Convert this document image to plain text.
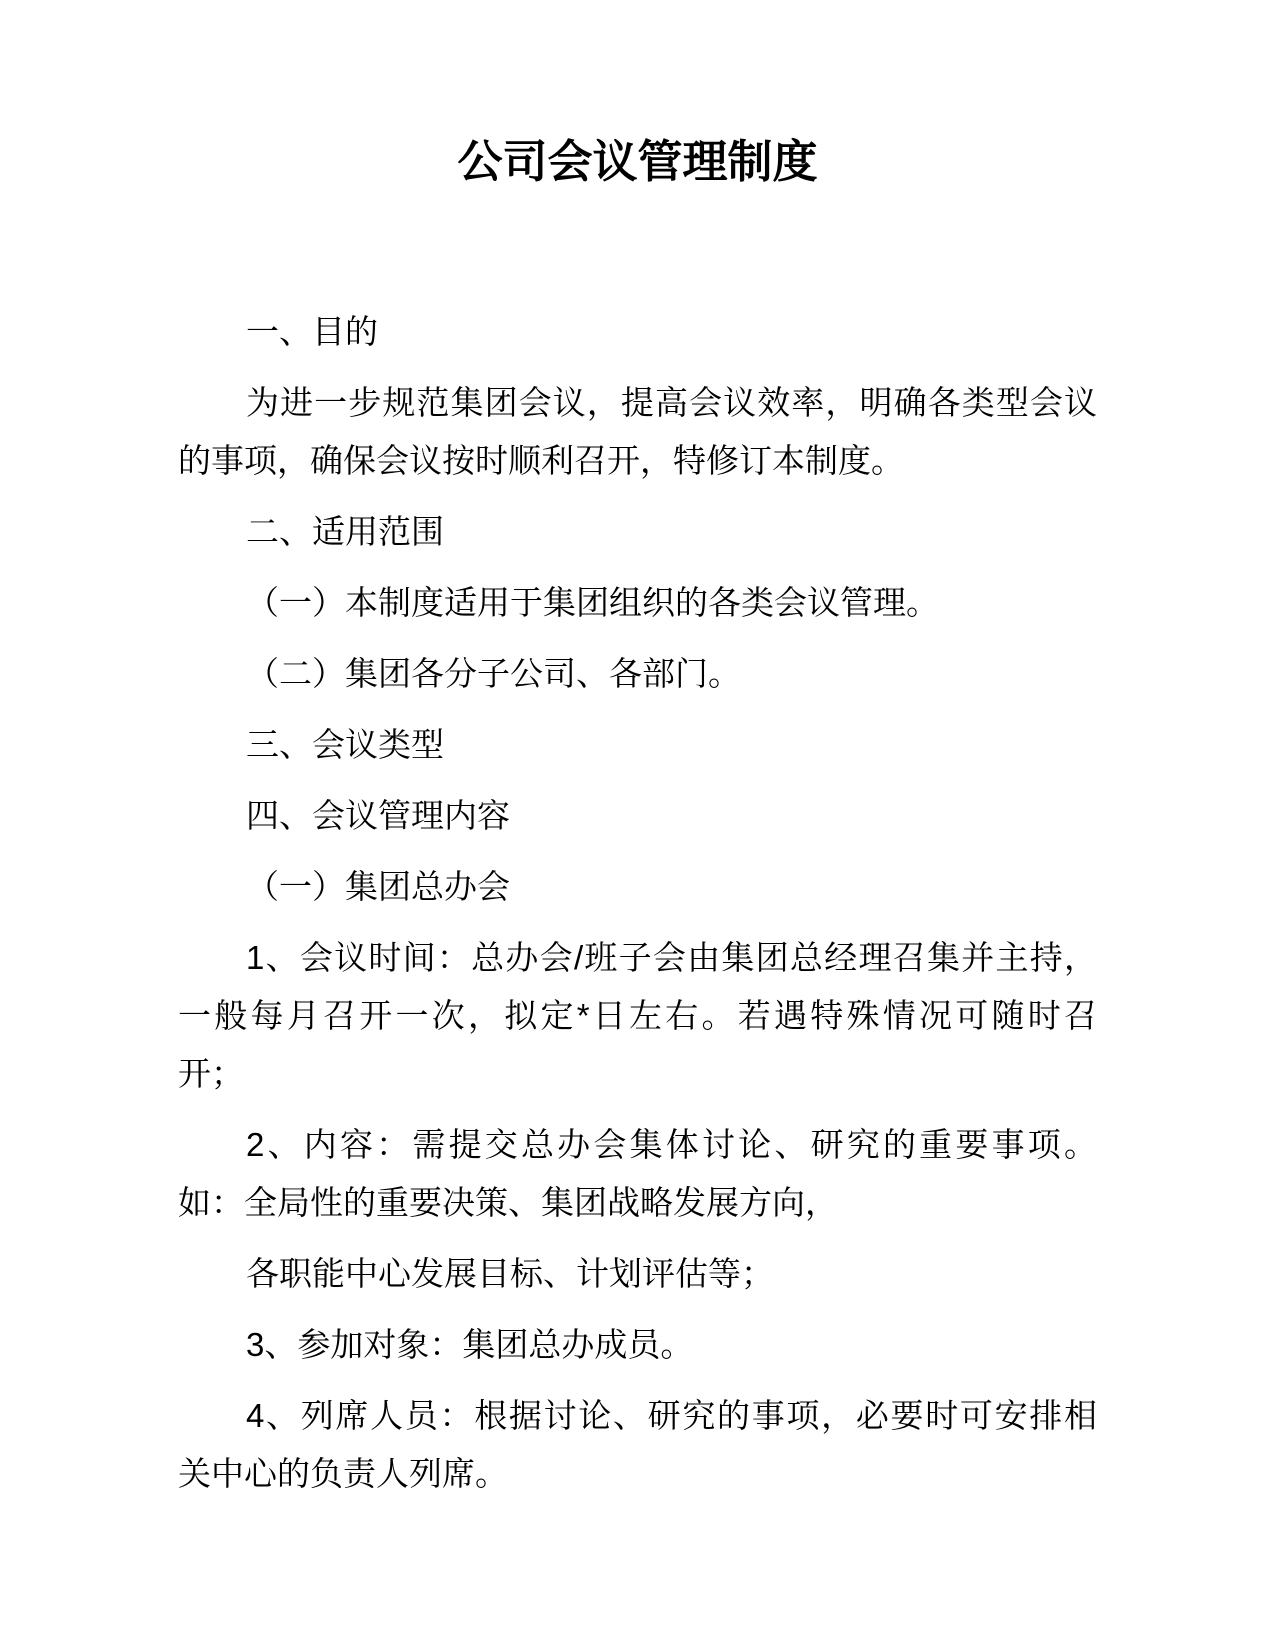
公司会议管理制度
一、目的
为进一步规范集团会议，提高会议效率，明确各类型会议
的事项，确保会议按时顺利召开，特修订本制度。
二、适用范围
（一）本制度适用于集团组织的各类会议管理。
（二）集团各分子公司、各部门。
三、会议类型
四、会议管理内容
（一）集团总办会
1、会议时间：总办会/班子会由集团总经理召集并主持，
一般每月召开一次，拟定*日左右。若遇特殊情况可随时召
开；
2、内容：需提交总办会集体讨论、研究的重要事项。
如：全局性的重要决策、集团战略发展方向，
各职能中心发展目标、计划评估等；
3、参加对象：集团总办成员。
4、列席人员：根据讨论、研究的事项，必要时可安排相
关中心的负责人列席。
